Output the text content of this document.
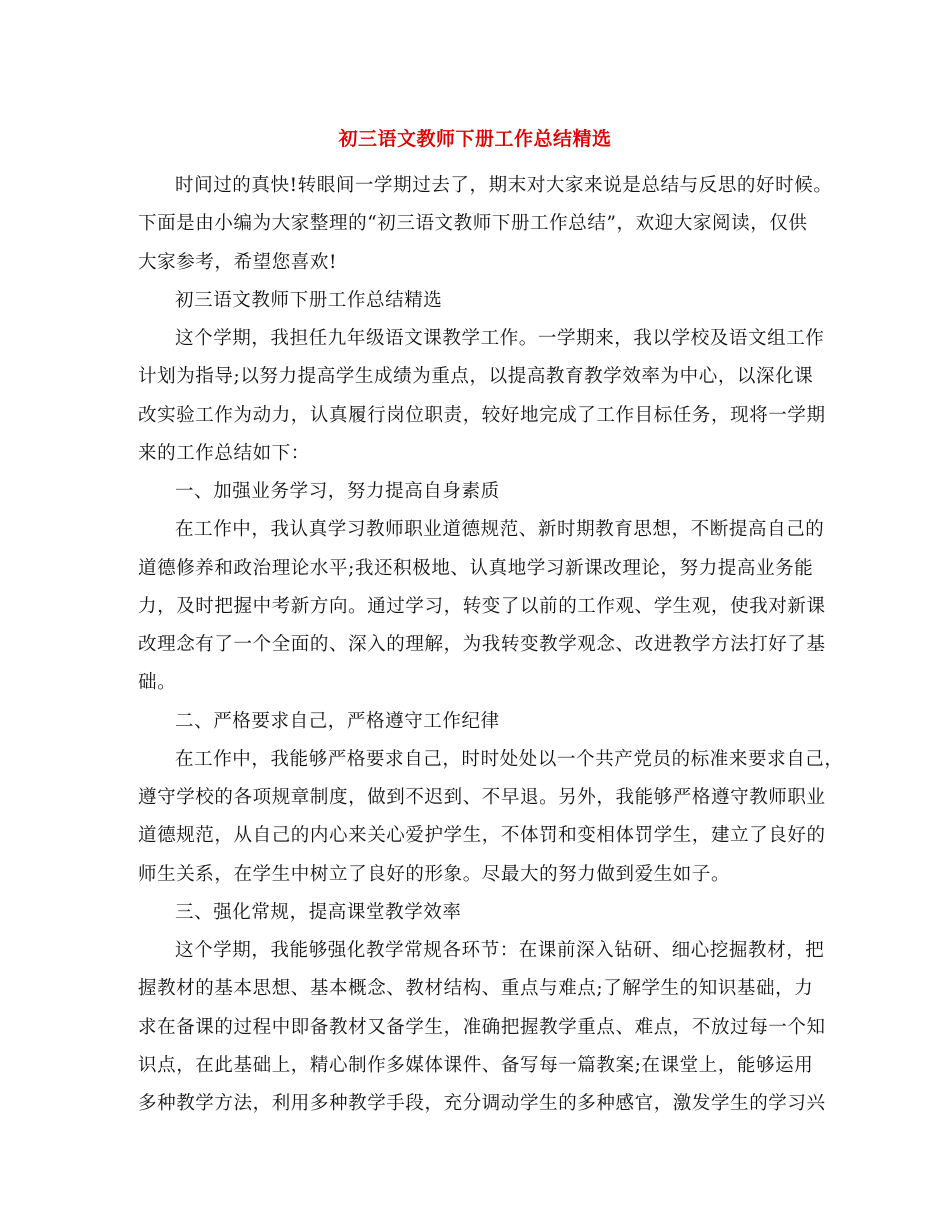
初三语文教师下册工作总结精选
时间过的真快!转眼间一学期过去了，期末对大家来说是总结与反思的好时候。
下面是由小编为大家整理的“初三语文教师下册工作总结”，欢迎大家阅读，仅供
大家参考，希望您喜欢!
初三语文教师下册工作总结精选
这个学期，我担任九年级语文课教学工作。一学期来，我以学校及语文组工作
计划为指导;以努力提高学生成绩为重点，以提高教育教学效率为中心，以深化课
改实验工作为动力，认真履行岗位职责，较好地完成了工作目标任务，现将一学期
来的工作总结如下：
一、加强业务学习，努力提高自身素质
在工作中，我认真学习教师职业道德规范、新时期教育思想，不断提高自己的
道德修养和政治理论水平;我还积极地、认真地学习新课改理论，努力提高业务能
力，及时把握中考新方向。通过学习，转变了以前的工作观、学生观，使我对新课
改理念有了一个全面的、深入的理解，为我转变教学观念、改进教学方法打好了基
础。
二、严格要求自己，严格遵守工作纪律
在工作中，我能够严格要求自己，时时处处以一个共产党员的标准来要求自己，
遵守学校的各项规章制度，做到不迟到、不早退。另外，我能够严格遵守教师职业
道德规范，从自己的内心来关心爱护学生，不体罚和变相体罚学生，建立了良好的
师生关系，在学生中树立了良好的形象。尽最大的努力做到爱生如子。
三、强化常规，提高课堂教学效率
这个学期，我能够强化教学常规各环节：在课前深入钻研、细心挖掘教材，把
握教材的基本思想、基本概念、教材结构、重点与难点;了解学生的知识基础，力
求在备课的过程中即备教材又备学生，准确把握教学重点、难点，不放过每一个知
识点，在此基础上，精心制作多媒体课件、备写每一篇教案;在课堂上，能够运用
多种教学方法，利用多种教学手段，充分调动学生的多种感官，激发学生的学习兴
